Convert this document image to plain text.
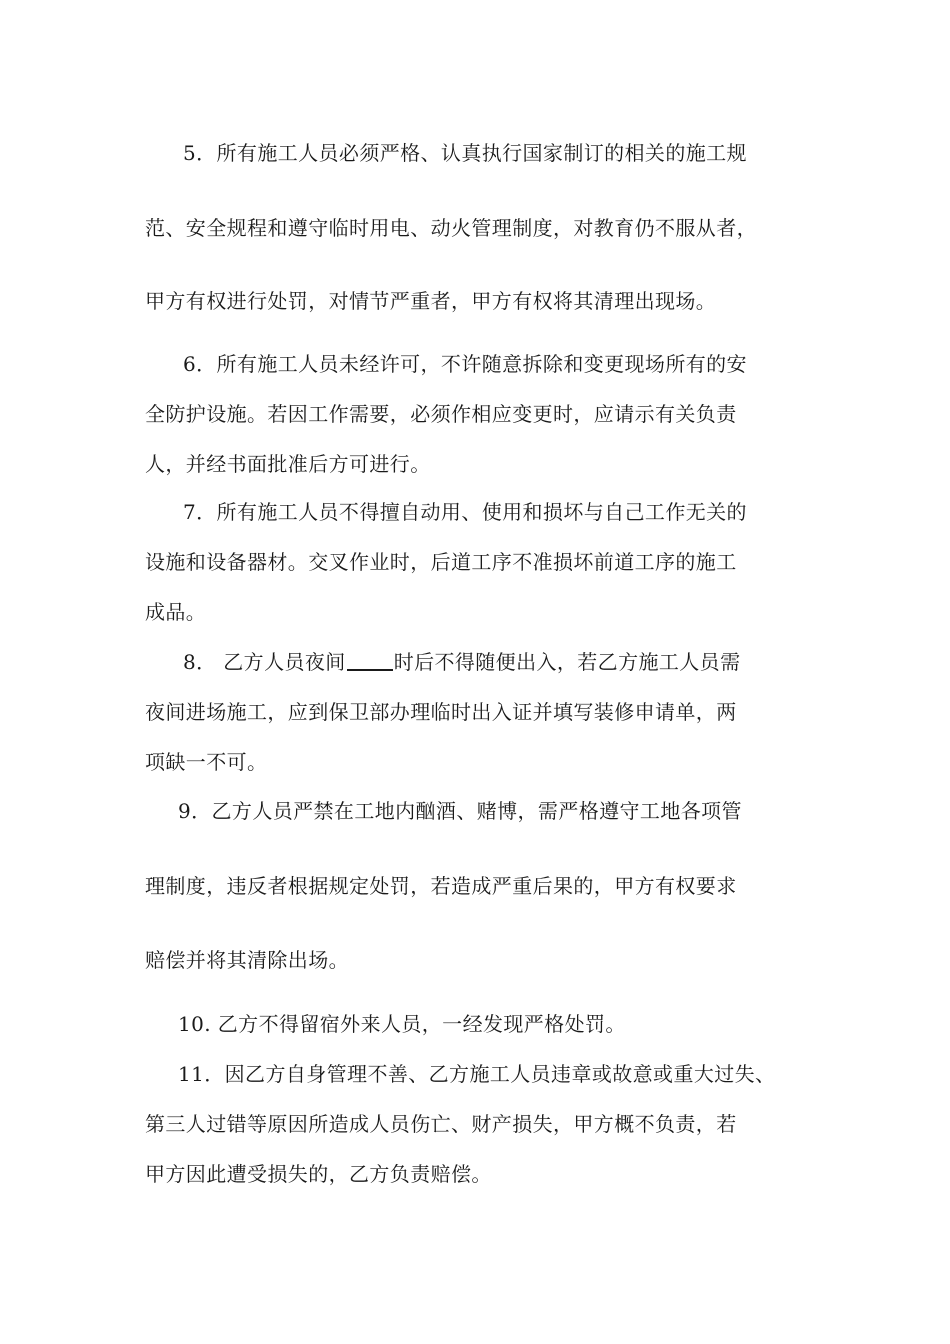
5．所有施工人员必须严格、认真执行国家制订的相关的施工规
范、安全规程和遵守临时用电、动火管理制度，对教育仍不服从者，
甲方有权进行处罚，对情节严重者，甲方有权将其清理出现场。
6．所有施工人员未经许可，不许随意拆除和变更现场所有的安
全防护设施。若因工作需要，必须作相应变更时，应请示有关负责
人，并经书面批准后方可进行。
7．所有施工人员不得擅自动用、使用和损坏与自己工作无关的
设施和设备器材。交叉作业时，后道工序不准损坏前道工序的施工
成品。
8． 乙方人员夜间 时后不得随便出入，若乙方施工人员需
夜间进场施工，应到保卫部办理临时出入证并填写装修申请单，两
项缺一不可。
9．乙方人员严禁在工地内酗酒、赌博，需严格遵守工地各项管
理制度，违反者根据规定处罚，若造成严重后果的，甲方有权要求
赔偿并将其清除出场。
10. 乙方不得留宿外来人员，一经发现严格处罚。
11．因乙方自身管理不善、乙方施工人员违章或故意或重大过失、
第三人过错等原因所造成人员伤亡、财产损失，甲方概不负责，若
甲方因此遭受损失的，乙方负责赔偿。
